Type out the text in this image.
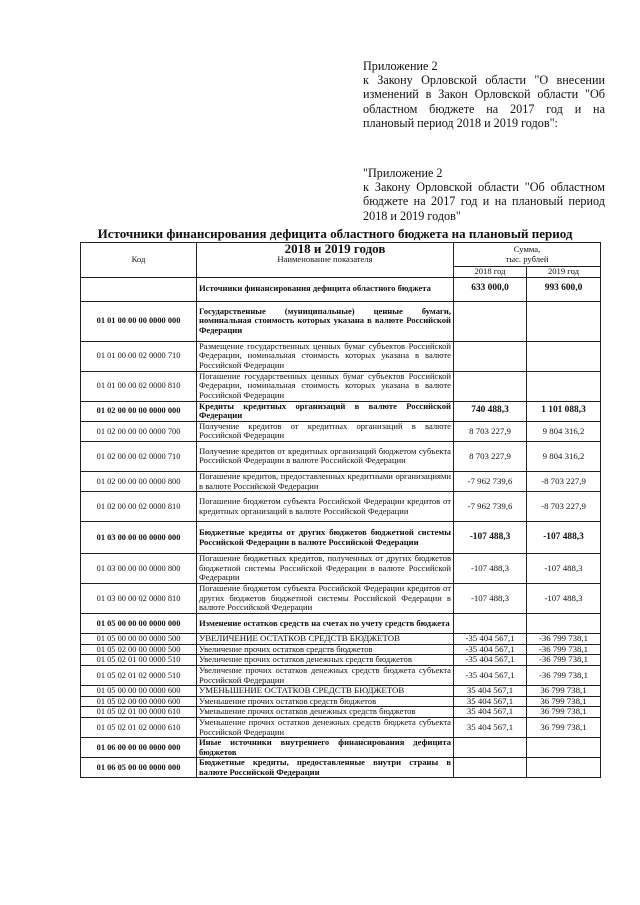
Приложение 2

к Закону Орловской области "О внесении изменений в Закон Орловской области "Об областном бюджете на 2017 год и на плановый период 2018 и 2019 годов":

"Приложение 2

к Закону Орловской области "Об областном бюджете на 2017 год и на плановый период 2018 и 2019 годов"

Источники финансирования дефицита областного бюджета на плановый период
2018 и 2019 годов
Код	Наименование показателя	Сумма,
тыс. рублей	

		2018 год	2019 год
	Источники финансирования дефицита областного бюджета	633 000,0	993 600,0
01 01 00 00 00 0000 000	Государственные (муниципальные) ценные бумаги, номинальная стоимость которых указана в валюте Российской Федерации		
01 01 00 00 02 0000 710	Размещение государственных ценных бумаг субъектов Российской Федерации, номинальная стоимость которых указана в валюте Российской Федерации		
01 01 00 00 02 0000 810	Погашение государственных ценных бумаг субъектов Российской Федерации, номинальная стоимость которых указана в валюте Российской Федерации		
01 02 00 00 00 0000 000	Кредиты кредитных организаций в валюте Российской Федерации	740 488,3	1 101 088,3
01 02 00 00 00 0000 700	Получение кредитов от кредитных организаций в валюте Российской Федерации	8 703 227,9	9 804 316,2
01 02 00 00 02 0000 710	Получение кредитов от кредитных организаций бюджетом субъекта Российской Федерации в валюте Российской Федерации	8 703 227,9	9 804 316,2
01 02 00 00 00 0000 800	Погашение кредитов, предоставленных кредитными организациями в валюте Российской Федерации	-7 962 739,6	-8 703 227,9
01 02 00 00 02 0000 810	Погашение бюджетом субъекта Российской Федерации кредитов от кредитных организаций в валюте Российской Федерации	-7 962 739,6	-8 703 227,9
01 03 00 00 00 0000 000	Бюджетные кредиты от других бюджетов бюджетной системы Российской Федерации в валюте Российской Федерации	-107 488,3	-107 488,3
01 03 00 00 00 0000 800	Погашение бюджетных кредитов, полученных от других бюджетов бюджетной системы Российской Федерации в валюте Российской Федерации	-107 488,3	-107 488,3
01 03 00 00 02 0000 810	Погашение бюджетом субъекта Российской Федерации кредитов от других бюджетов бюджетной системы Российской Федерации в валюте Российской Федерации	-107 488,3	-107 488,3
01 05 00 00 00 0000 000	Изменение остатков средств на счетах по учету средств бюджета		
01 05 00 00 00 0000 500	УВЕЛИЧЕНИЕ ОСТАТКОВ СРЕДСТВ БЮДЖЕТОВ	-35 404 567,1	-36 799 738,1
01 05 02 00 00 0000 500	Увеличение прочих остатков средств бюджетов	-35 404 567,1	-36 799 738,1
01 05 02 01 00 0000 510	Увеличение прочих остатков денежных средств бюджетов	-35 404 567,1	-36 799 738,1
01 05 02 01 02 0000 510	Увеличение прочих остатков денежных средств бюджета субъекта Российской Федерации	-35 404 567,1	-36 799 738,1
01 05 00 00 00 0000 600	УМЕНЬШЕНИЕ ОСТАТКОВ СРЕДСТВ БЮДЖЕТОВ	35 404 567,1	36 799 738,1
01 05 02 00 00 0000 600	Уменьшение прочих остатков средств бюджетов	35 404 567,1	36 799 738,1
01 05 02 01 00 0000 610	Уменьшение прочих остатков денежных средств бюджетов	35 404 567,1	36 799 738,1
01 05 02 01 02 0000 610	Уменьшение прочих остатков денежных средств бюджета субъекта Российской Федерации	35 404 567,1	36 799 738,1
01 06 00 00 00 0000 000	Иные источники внутреннего финансирования дефицита бюджетов		
01 06 05 00 00 0000 000	Бюджетные кредиты, предоставленные внутри страны в валюте Российской Федерации		
